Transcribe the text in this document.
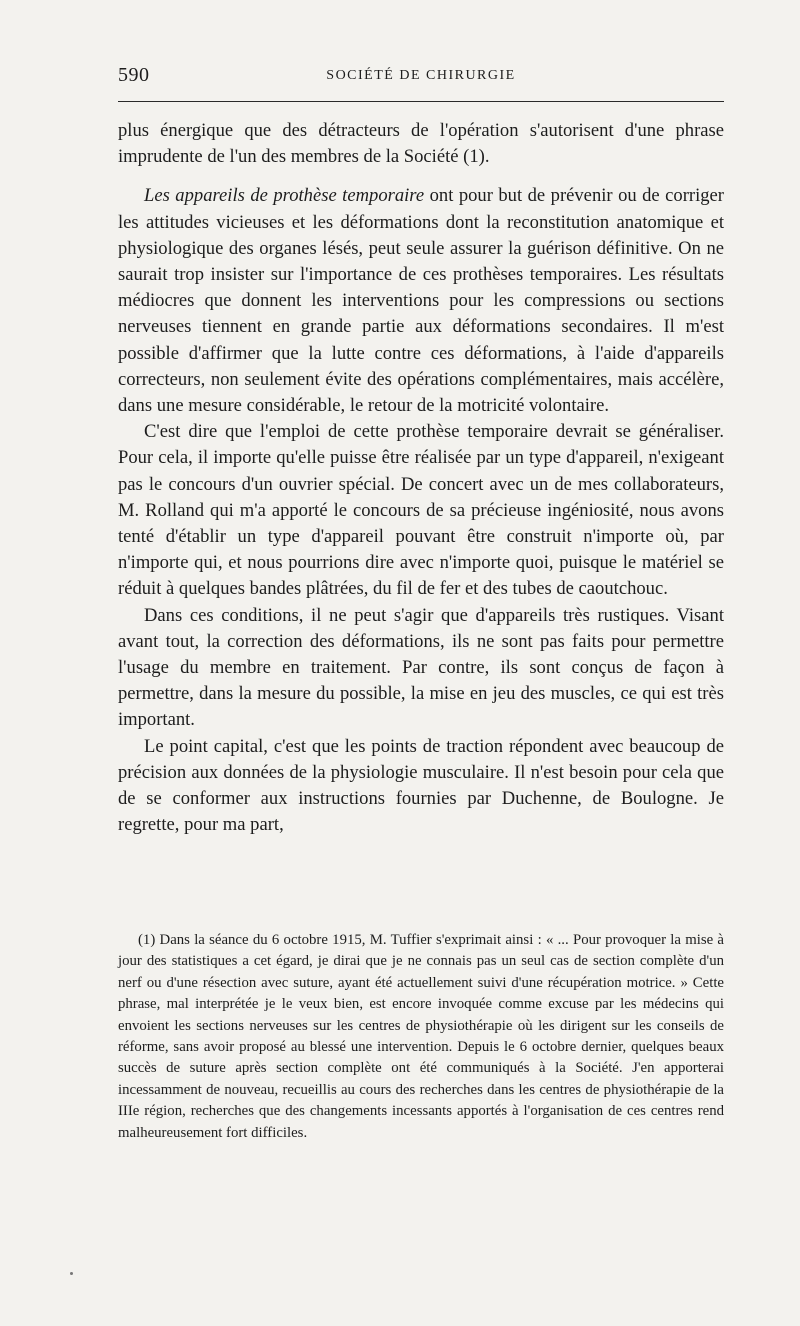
590	SOCIÉTÉ DE CHIRURGIE

plus énergique que des détracteurs de l'opération s'autorisent d'une phrase imprudente de l'un des membres de la Société (1).

Les appareils de prothèse temporaire ont pour but de prévenir ou de corriger les attitudes vicieuses et les déformations dont la reconstitution anatomique et physiologique des organes lésés, peut seule assurer la guérison définitive. On ne saurait trop insister sur l'importance de ces prothèses temporaires. Les résultats médiocres que donnent les interventions pour les compressions ou sections nerveuses tiennent en grande partie aux déformations secondaires. Il m'est possible d'affirmer que la lutte contre ces déformations, à l'aide d'appareils correcteurs, non seulement évite des opérations complémentaires, mais accélère, dans une mesure considérable, le retour de la motricité volontaire.

C'est dire que l'emploi de cette prothèse temporaire devrait se généraliser. Pour cela, il importe qu'elle puisse être réalisée par un type d'appareil, n'exigeant pas le concours d'un ouvrier spécial. De concert avec un de mes collaborateurs, M. Rolland qui m'a apporté le concours de sa précieuse ingéniosité, nous avons tenté d'établir un type d'appareil pouvant être construit n'importe où, par n'importe qui, et nous pourrions dire avec n'importe quoi, puisque le matériel se réduit à quelques bandes plâtrées, du fil de fer et des tubes de caoutchouc.

Dans ces conditions, il ne peut s'agir que d'appareils très rustiques. Visant avant tout, la correction des déformations, ils ne sont pas faits pour permettre l'usage du membre en traitement. Par contre, ils sont conçus de façon à permettre, dans la mesure du possible, la mise en jeu des muscles, ce qui est très important.

Le point capital, c'est que les points de traction répondent avec beaucoup de précision aux données de la physiologie musculaire. Il n'est besoin pour cela que de se conformer aux instructions fournies par Duchenne, de Boulogne. Je regrette, pour ma part,

(1) Dans la séance du 6 octobre 1915, M. Tuffier s'exprimait ainsi : « ... Pour provoquer la mise à jour des statistiques a cet égard, je dirai que je ne connais pas un seul cas de section complète d'un nerf ou d'une résection avec suture, ayant été actuellement suivi d'une récupération motrice. » Cette phrase, mal interprétée je le veux bien, est encore invoquée comme excuse par les médecins qui envoient les sections nerveuses sur les centres de physiothérapie où les dirigent sur les conseils de réforme, sans avoir proposé au blessé une intervention. Depuis le 6 octobre dernier, quelques beaux succès de suture après section complète ont été communiqués à la Société. J'en apporterai incessamment de nouveau, recueillis au cours des recherches dans les centres de physiothérapie de la IIIe région, recherches que des changements incessants apportés à l'organisation de ces centres rend malheureusement fort difficiles.
